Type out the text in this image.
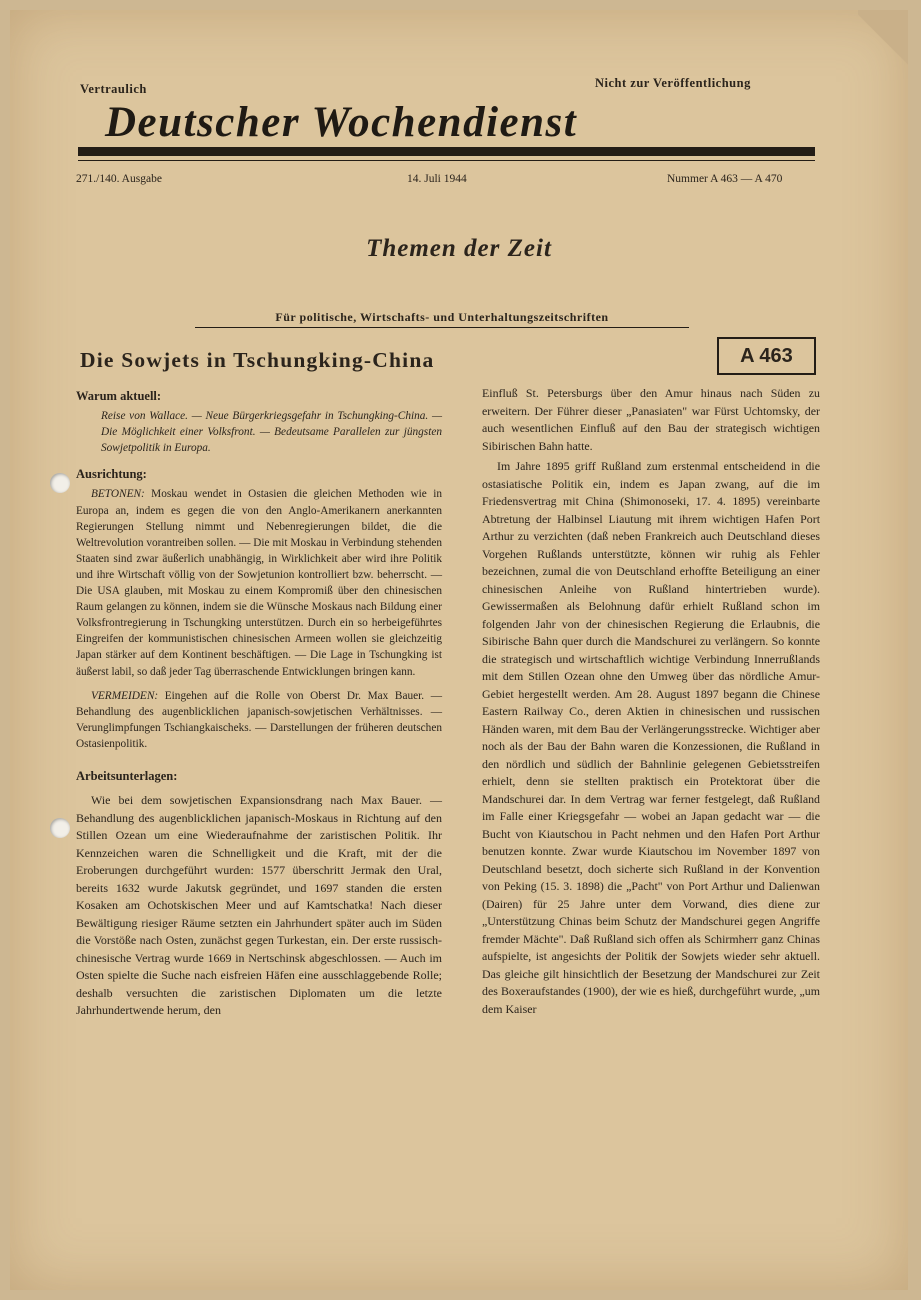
Vertraulich	Nicht zur Veröffentlichung
Deutscher Wochendienst
271./140. Ausgabe	14. Juli 1944	Nummer A 463 — A 470
Themen der Zeit
Für politische, Wirtschafts- und Unterhaltungszeitschriften
Die Sowjets in Tschungking-China	A 463
Warum aktuell:

Reise von Wallace. — Neue Bürgerkriegsgefahr in Tschungking-China. — Die Möglichkeit einer Volksfront. — Bedeutsame Parallelen zur jüngsten Sowjetpolitik in Europa.

Ausrichtung:

BETONEN: Moskau wendet in Ostasien die gleichen Methoden wie in Europa an, indem es gegen die von den Anglo-Amerikanern anerkannten Regierungen Stellung nimmt und Nebenregierungen bildet, die die Weltrevolution vorantreiben sollen. — Die mit Moskau in Verbindung stehenden Staaten sind zwar äußerlich unabhängig, in Wirklichkeit aber wird ihre Politik und ihre Wirtschaft völlig von der Sowjetunion kontrolliert bzw. beherrscht. — Die USA glauben, mit Moskau zu einem Kompromiß über den chinesischen Raum gelangen zu können, indem sie die Wünsche Moskaus nach Bildung einer Volksfrontregierung in Tschungking unterstützen. Durch ein so herbeigeführtes Eingreifen der kommunistischen chinesischen Armeen wollen sie gleichzeitig Japan stärker auf dem Kontinent beschäftigen. — Die Lage in Tschungking ist äußerst labil, so daß jeder Tag überraschende Entwicklungen bringen kann.

VERMEIDEN: Eingehen auf die Rolle von Oberst Dr. Max Bauer. — Behandlung des augenblicklichen japanisch-sowjetischen Verhältnisses. — Verunglimpfungen Tschiangkaischeks. — Darstellungen der früheren deutschen Ostasienpolitik.

Arbeitsunterlagen:

Wie bei dem sowjetischen Expansionsdrang nach Max Bauer. — Behandlung des augenblicklichen japanisch-Moskaus in Richtung auf den Stillen Ozean um eine Wiederaufnahme der zaristischen Politik. Ihr Kennzeichen waren die Schnelligkeit und die Kraft, mit der die Eroberungen durchgeführt wurden: 1577 überschritt Jermak den Ural, bereits 1632 wurde Jakutsk gegründet, und 1697 standen die ersten Kosaken am Ochotskischen Meer und auf Kamtschatka! Nach dieser Bewältigung riesiger Räume setzten ein Jahrhundert später auch im Süden die Vorstöße nach Osten, zunächst gegen Turkestan, ein. Der erste russisch-chinesische Vertrag wurde 1669 in Nertschinsk abgeschlossen. — Auch im Osten spielte die Suche nach eisfreien Häfen eine ausschlaggebende Rolle; deshalb versuchten die zaristischen Diplomaten um die letzte Jahrhundertwende herum, den

Einfluß St. Petersburgs über den Amur hinaus nach Süden zu erweitern. Der Führer dieser „Panasiaten" war Fürst Uchtomsky, der auch wesentlichen Einfluß auf den Bau der strategisch wichtigen Sibirischen Bahn hatte.

Im Jahre 1895 griff Rußland zum erstenmal entscheidend in die ostasiatische Politik ein, indem es Japan zwang, auf die im Friedensvertrag mit China (Shimonoseki, 17. 4. 1895) vereinbarte Abtretung der Halbinsel Liautung mit ihrem wichtigen Hafen Port Arthur zu verzichten (daß neben Frankreich auch Deutschland dieses Vorgehen Rußlands unterstützte, können wir ruhig als Fehler bezeichnen, zumal die von Deutschland erhoffte Beteiligung an einer chinesischen Anleihe von Rußland hintertrieben wurde). Gewissermaßen als Belohnung dafür erhielt Rußland schon im folgenden Jahr von der chinesischen Regierung die Erlaubnis, die Sibirische Bahn quer durch die Mandschurei zu verlängern. So konnte die strategisch und wirtschaftlich wichtige Verbindung Innerrußlands mit dem Stillen Ozean ohne den Umweg über das nördliche Amur-Gebiet hergestellt werden. Am 28. August 1897 begann die Chinese Eastern Railway Co., deren Aktien in chinesischen und russischen Händen waren, mit dem Bau der Verlängerungsstrecke. Wichtiger aber noch als der Bau der Bahn waren die Konzessionen, die Rußland in den nördlich und südlich der Bahnlinie gelegenen Gebietsstreifen erhielt, denn sie stellten praktisch ein Protektorat über die Mandschurei dar. In dem Vertrag war ferner festgelegt, daß Rußland im Falle einer Kriegsgefahr — wobei an Japan gedacht war — die Bucht von Kiautschou in Pacht nehmen und den Hafen Port Arthur benutzen konnte. Zwar wurde Kiautschou im November 1897 von Deutschland besetzt, doch sicherte sich Rußland in der Konvention von Peking (15. 3. 1898) die „Pacht" von Port Arthur und Dalienwan (Dairen) für 25 Jahre unter dem Vorwand, dies diene zur „Unterstützung Chinas beim Schutz der Mandschurei gegen Angriffe fremder Mächte". Daß Rußland sich offen als Schirmherr ganz Chinas aufspielte, ist angesichts der Politik der Sowjets wieder sehr aktuell. Das gleiche gilt hinsichtlich der Besetzung der Mandschurei zur Zeit des Boxeraufstandes (1900), der wie es hieß, durchgeführt wurde, „um dem Kaiser
